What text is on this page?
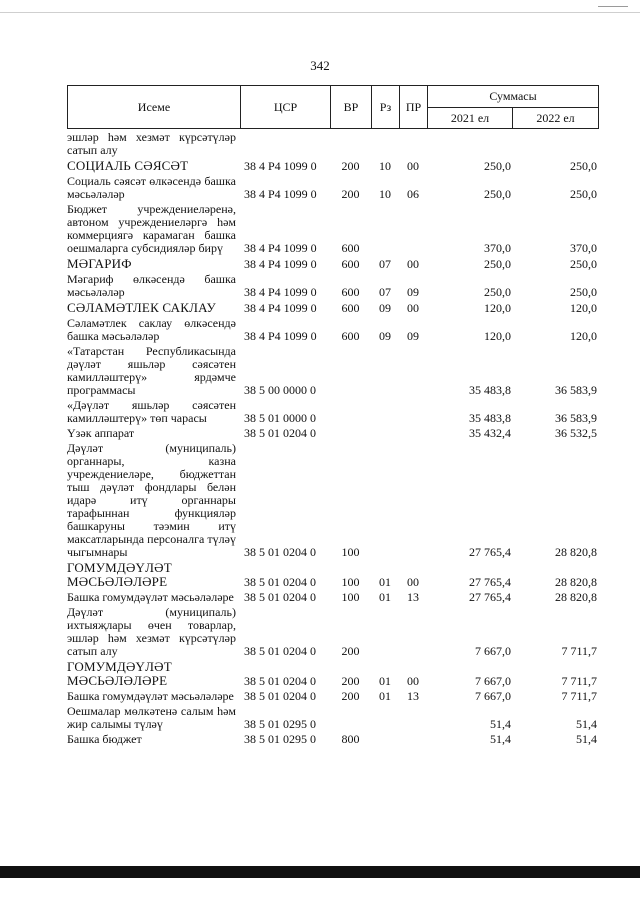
342
Исеме	ЦСР	ВР	Рз	ПР	Суммасы	
					2021 ел	2022 ел
эшләр һәм хезмәт күрсәтүләр сатып алу						
СОЦИАЛЬ СӘЯСӘТ	38 4 Р4 1099 0	200	10	00	250,0	250,0
Социаль сәясәт өлкәсендә башка мәсьәләләр	38 4 Р4 1099 0	200	10	06	250,0	250,0
Бюджет учреждениеләренә, автоном учреждениеләргә һәм коммерциягә карамаган башка оешмаларга субсидияләр бирү	38 4 Р4 1099 0	600			370,0	370,0
МӘГАРИФ	38 4 Р4 1099 0	600	07	00	250,0	250,0
Мәгариф өлкәсендә башка мәсьәләләр	38 4 Р4 1099 0	600	07	09	250,0	250,0
СӘЛАМӘТЛЕК САКЛАУ	38 4 Р4 1099 0	600	09	00	120,0	120,0
Сәламәтлек саклау өлкәсендә башка мәсьәләләр	38 4 Р4 1099 0	600	09	09	120,0	120,0
«Татарстан Республикасында дәүләт яшьләр сәясәтен камилләштерү» ярдәмче программасы	38 5 00 0000 0				35 483,8	36 583,9
«Дәүләт яшьләр сәясәтен камилләштерү» төп чарасы	38 5 01 0000 0				35 483,8	36 583,9
Үзәк аппарат	38 5 01 0204 0				35 432,4	36 532,5
Дәүләт (муниципаль) органнары, казна учреждениеләре, бюджеттан тыш дәүләт фондлары белән идарә итү органнары тарафыннан функцияләр башкаруны тәэмин итү максатларында персоналга түләү чыгымнары	38 5 01 0204 0	100			27 765,4	28 820,8
ГОМУМДӘҮЛӘТ МӘСЬӘЛӘЛӘРЕ	38 5 01 0204 0	100	01	00	27 765,4	28 820,8
Башка гомумдәүләт мәсьәләләре	38 5 01 0204 0	100	01	13	27 765,4	28 820,8
Дәүләт (муниципаль) ихтыяҗлары өчен товарлар, эшләр һәм хезмәт күрсәтүләр сатып алу	38 5 01 0204 0	200			7 667,0	7 711,7
ГОМУМДӘҮЛӘТ МӘСЬӘЛӘЛӘРЕ	38 5 01 0204 0	200	01	00	7 667,0	7 711,7
Башка гомумдәүләт мәсьәләләре	38 5 01 0204 0	200	01	13	7 667,0	7 711,7
Оешмалар мөлкәтенә салым һәм жир салымы түләү	38 5 01 0295 0				51,4	51,4
Башка бюджет	38 5 01 0295 0	800			51,4	51,4
